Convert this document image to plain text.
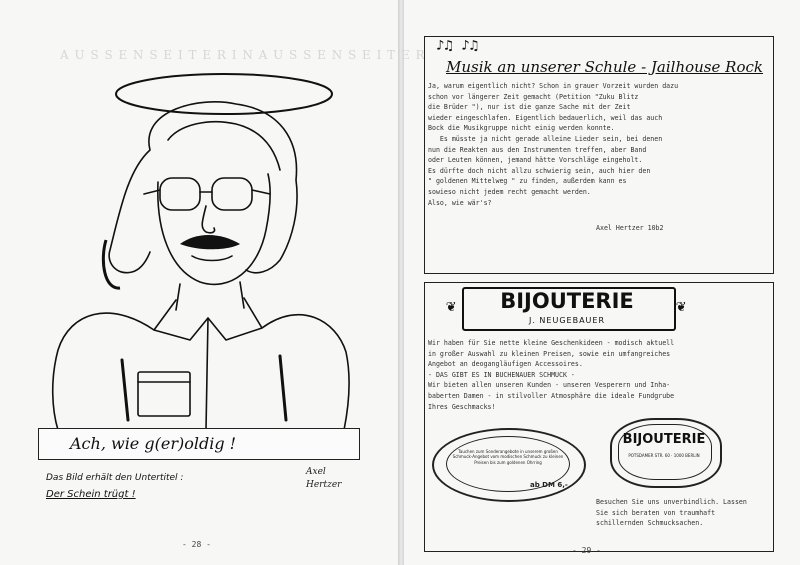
A U S S E N S E I T E R I N A U S S E N S E I T E R
Ach, wie g(er)oldig !
Das Bild erhält den Untertitel :
Der Schein trügt !
Axel Hertzer
- 28 -
♪♫ ♪♫
Musik an unserer Schule - Jailhouse Rock
Ja, warum eigentlich nicht? Schon in grauer Vorzeit wurden dazu
schon vor längerer Zeit gemacht (Petition "Zuku Blitz
die Brüder "), nur ist die ganze Sache mit der Zeit
wieder eingeschlafen. Eigentlich bedauerlich, weil das auch
Bock die Musikgruppe nicht einig werden konnte.
Es müsste ja nicht gerade alleine Lieder sein, bei denen
nun die Reakten aus den Instrumenten treffen, aber Band
oder Leuten können, jemand hätte Vorschläge eingeholt.
Es dürfte doch nicht allzu schwierig sein, auch hier den
" goldenen Mittelweg " zu finden, außerdem kann es
sowieso nicht jedem recht gemacht werden.
Also, wie wär's?
Axel Hertzer 10b2
❦	❦
BIJOUTERIE
J. NEUGEBAUER
Wir haben für Sie nette kleine Geschenkideen - modisch aktuell
in großer Auswahl zu kleinen Preisen, sowie ein umfangreiches
Angebot an deogangläufigen Accessoires.
- DAS GIBT ES IN BUCHENAUER SCHMUCK -
Wir bieten allen unseren Kunden - unseren Vesperern und Inha-
baberten Damen - in stilvoller Atmosphäre die ideale Fundgrube
Ihres Geschmacks!
Tauchen zum Sonderangebote in unserem großen Schmuck-Angebot vom modischen Schmuck zu kleinen Preisen bis zum goldenen Ohrring
ab DM 6,-
BIJOUTERIE
POTSDAMER STR. 60 · 1000 BERLIN
Besuchen Sie uns unverbindlich. Lassen
Sie sich beraten von traumhaft
schillernden Schmucksachen.
- 29 -
